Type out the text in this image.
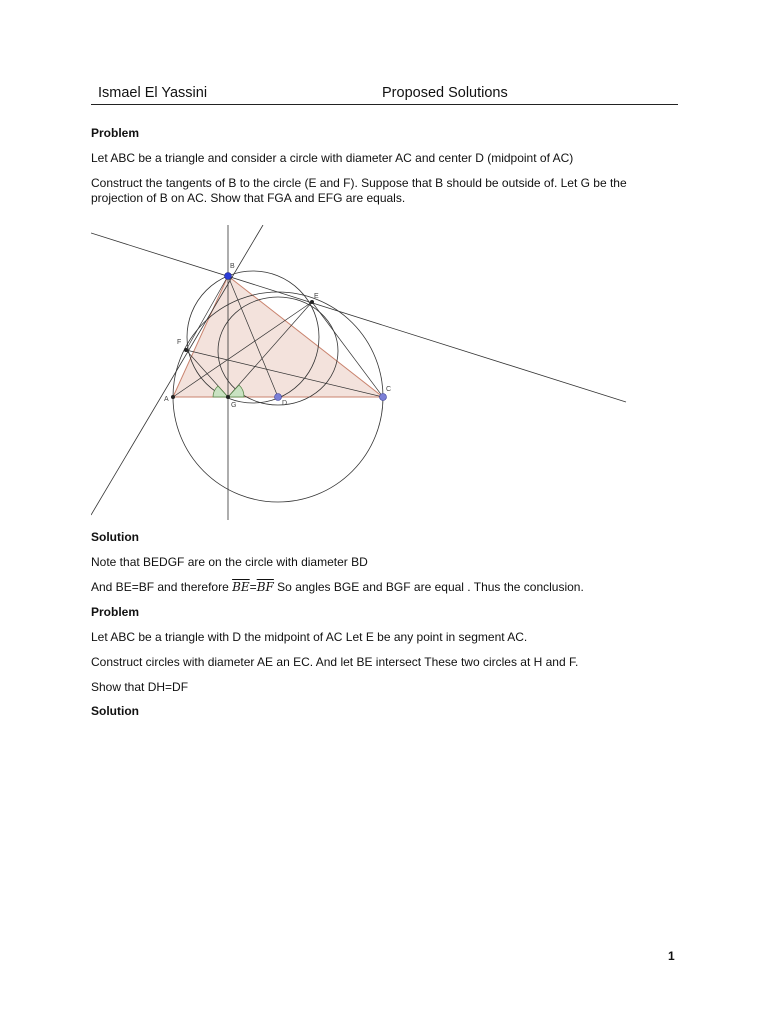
Ismael El Yassini	Proposed Solutions
Problem
Let ABC be a triangle and consider a circle with diameter AC and center D (midpoint of AC)
Construct the tangents of B to the circle (E and F). Suppose that B should be outside of. Let G be the
projection of B on AC. Show that FGA and EFG are equals.
A
B
C
D
E
F
G
Solution
Note that BEDGF are on the circle with diameter BD
And BE=BF and therefore $\overline{BE}=\overline{BF}$ So angles BGE and BGF are equal . Thus the conclusion.
Problem
Let ABC be a triangle with D the midpoint of AC Let E be any point in segment AC.
Construct circles with diameter AE an EC. And let BE intersect These two circles at H and F.
Show that DH=DF
Solution
1
